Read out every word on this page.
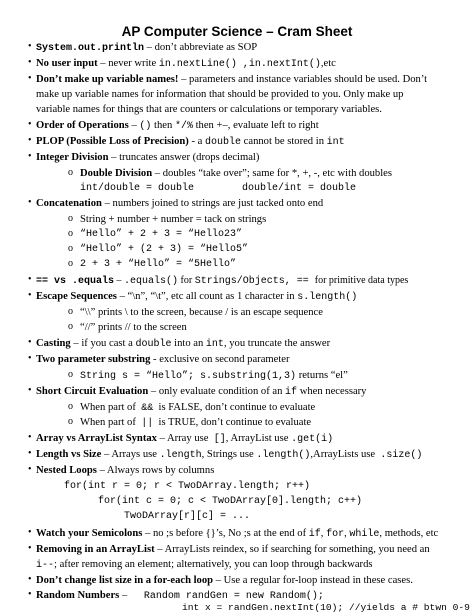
AP Computer Science – Cram Sheet
• System.out.println – don’t abbreviate as SOP
• No user input – never write in.nextLine() ,in.nextInt(),etc
• Don’t make up variable names! – parameters and instance variables should be used. Don’t
make up variable names for information that should be provided to you. Only make up
variable names for things that are counters or calculations or temporary variables.
• Order of Operations – () then */% then +–, evaluate left to right
• PLOP (Possible Loss of Precision) - a double cannot be stored in int
• Integer Division – truncates answer (drops decimal)
o Double Division – doubles “take over”; same for *, +, -, etc with doubles
int/double = double        double/int = double
• Concatenation – numbers joined to strings are just tacked onto end
o String + number + number = tack on strings
o “Hello” + 2 + 3 = “Hello23”
o “Hello” + (2 + 3) = “Hello5”
o 2 + 3 + “Hello” = “5Hello”
• == vs .equals – .equals() for Strings/Objects, == for primitive data types
• Escape Sequences – “\n”, “\t”, etc all count as 1 character in s.length()
o “\\” prints \ to the screen, because / is an escape sequence
o “//” prints // to the screen
• Casting – if you cast a double into an int, you truncate the answer
• Two parameter substring - exclusive on second parameter
o String s = “Hello”; s.substring(1,3) returns “el”
• Short Circuit Evaluation – only evaluate condition of an if when necessary
o When part of  &&  is FALSE, don’t continue to evaluate
o When part of  ||  is TRUE, don’t continue to evaluate
• Array vs ArrayList Syntax – Array use  [], ArrayList use .get(i)
• Length vs Size – Arrays use .length, Strings use .length(),ArrayLists use  .size()
• Nested Loops – Always rows by columns
for(int r = 0; r < TwoDArray.length; r++)
for(int c = 0; c < TwoDArray[0].length; c++)
TwoDArray[r][c] = ...
• Watch your Semicolons – no ;s before {}’s, No ;s at the end of if, for, while, methods, etc
• Removing in an ArrayList – ArrayLists reindex, so if searching for something, you need an
i--; after removing an element; alternatively, you can loop through backwards
• Don’t change list size in a for-each loop – Use a regular for-loop instead in these cases.
• Random Numbers – Random randGen = new Random();
int x = randGen.nextInt(10); //yields a # btwn 0-9
